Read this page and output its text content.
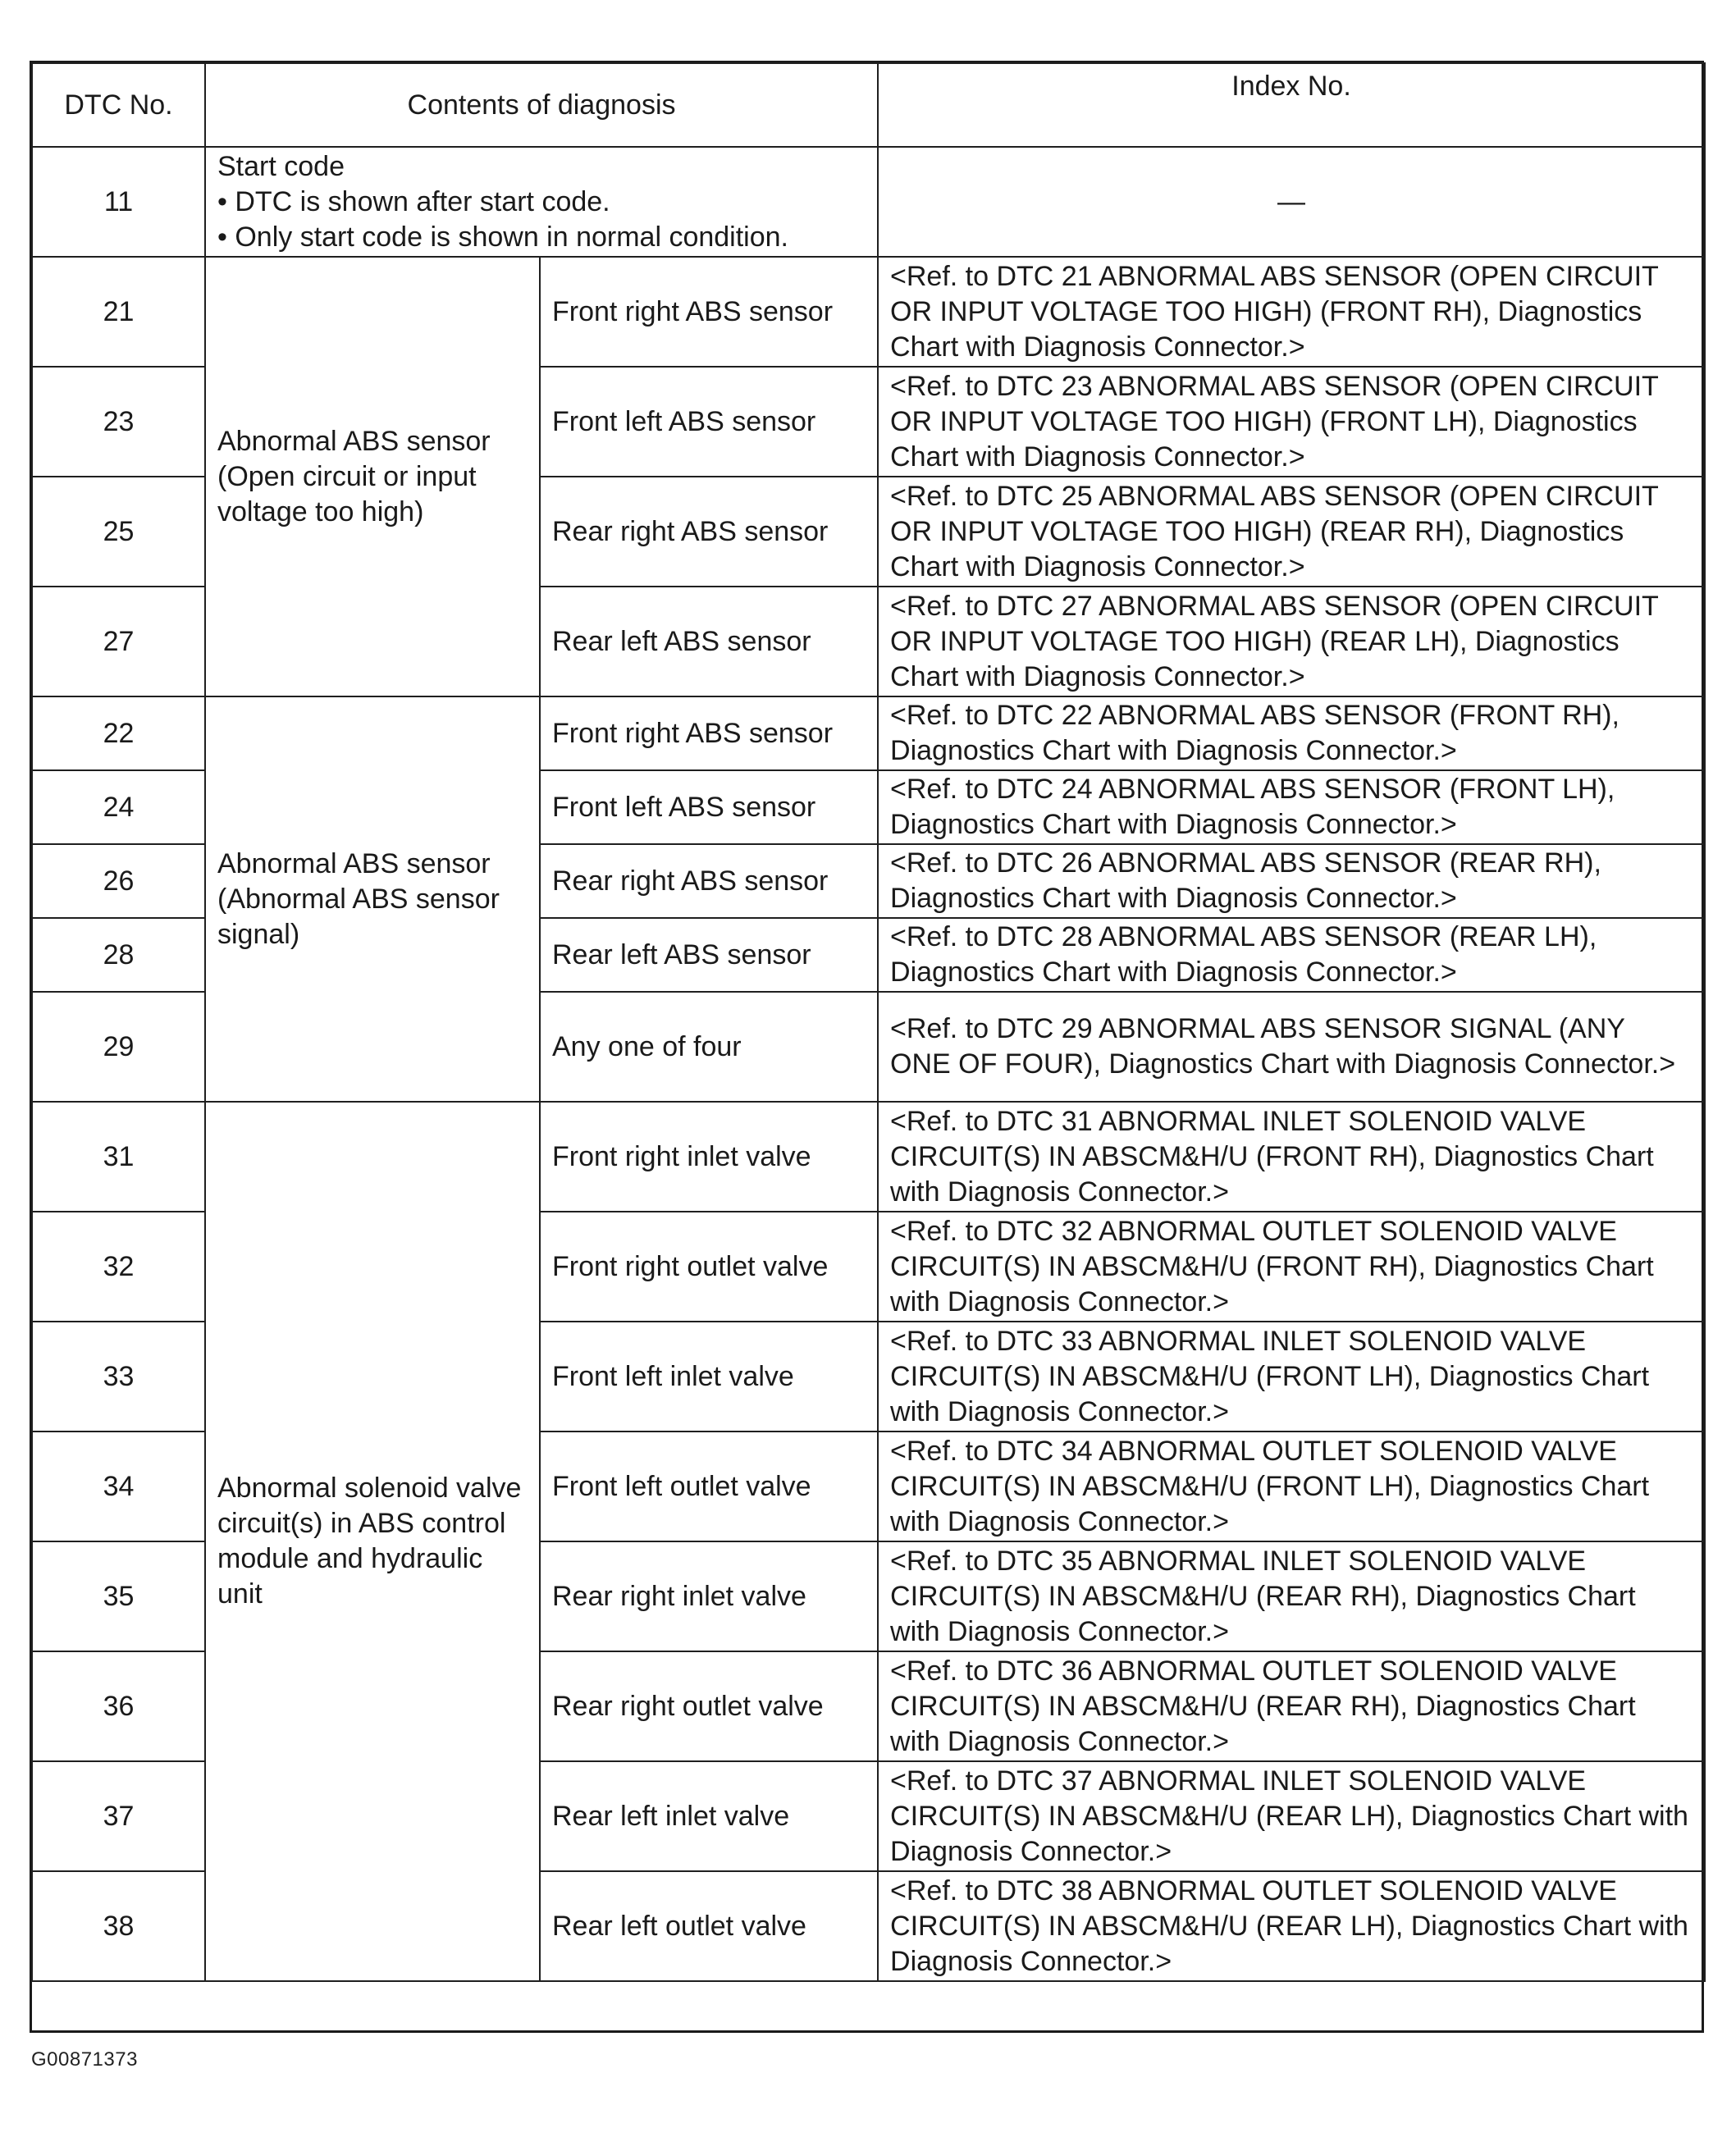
DTC No.	Contents of diagnosis		Index No.
11	Start code
• DTC is shown after start code.
• Only start code is shown in normal condition.		—
21	Abnormal ABS sensor (Open circuit or input voltage too high)	Front right ABS sensor	<Ref. to DTC 21 ABNORMAL ABS SENSOR (OPEN CIRCUIT OR INPUT VOLTAGE TOO HIGH) (FRONT RH), Diagnostics Chart with Diagnosis Connector.>
23		Front left ABS sensor	<Ref. to DTC 23 ABNORMAL ABS SENSOR (OPEN CIRCUIT OR INPUT VOLTAGE TOO HIGH) (FRONT LH), Diagnostics Chart with Diagnosis Connector.>
25		Rear right ABS sensor	<Ref. to DTC 25 ABNORMAL ABS SENSOR (OPEN CIRCUIT OR INPUT VOLTAGE TOO HIGH) (REAR RH), Diagnostics Chart with Diagnosis Connector.>
27		Rear left ABS sensor	<Ref. to DTC 27 ABNORMAL ABS SENSOR (OPEN CIRCUIT OR INPUT VOLTAGE TOO HIGH) (REAR LH), Diagnostics Chart with Diagnosis Connector.>
22	Abnormal ABS sensor (Abnormal ABS sensor signal)	Front right ABS sensor	<Ref. to DTC 22 ABNORMAL ABS SENSOR (FRONT RH), Diagnostics Chart with Diagnosis Connector.>
24		Front left ABS sensor	<Ref. to DTC 24 ABNORMAL ABS SENSOR (FRONT LH), Diagnostics Chart with Diagnosis Connector.>
26		Rear right ABS sensor	<Ref. to DTC 26 ABNORMAL ABS SENSOR (REAR RH), Diagnostics Chart with Diagnosis Connector.>
28		Rear left ABS sensor	<Ref. to DTC 28 ABNORMAL ABS SENSOR (REAR LH), Diagnostics Chart with Diagnosis Connector.>
29		Any one of four	<Ref. to DTC 29 ABNORMAL ABS SENSOR SIGNAL (ANY ONE OF FOUR), Diagnostics Chart with Diagnosis Connector.>
31	Abnormal solenoid valve circuit(s) in ABS control module and hydraulic unit	Front right inlet valve	<Ref. to DTC 31 ABNORMAL INLET SOLENOID VALVE CIRCUIT(S) IN ABSCM&H/U (FRONT RH), Diagnostics Chart with Diagnosis Connector.>
32		Front right outlet valve	<Ref. to DTC 32 ABNORMAL OUTLET SOLENOID VALVE CIRCUIT(S) IN ABSCM&H/U (FRONT RH), Diagnostics Chart with Diagnosis Connector.>
33		Front left inlet valve	<Ref. to DTC 33 ABNORMAL INLET SOLENOID VALVE CIRCUIT(S) IN ABSCM&H/U (FRONT LH), Diagnostics Chart with Diagnosis Connector.>
34		Front left outlet valve	<Ref. to DTC 34 ABNORMAL OUTLET SOLENOID VALVE CIRCUIT(S) IN ABSCM&H/U (FRONT LH), Diagnostics Chart with Diagnosis Connector.>
35		Rear right inlet valve	<Ref. to DTC 35 ABNORMAL INLET SOLENOID VALVE CIRCUIT(S) IN ABSCM&H/U (REAR RH), Diagnostics Chart with Diagnosis Connector.>
36		Rear right outlet valve	<Ref. to DTC 36 ABNORMAL OUTLET SOLENOID VALVE CIRCUIT(S) IN ABSCM&H/U (REAR RH), Diagnostics Chart with Diagnosis Connector.>
37		Rear left inlet valve	<Ref. to DTC 37 ABNORMAL INLET SOLENOID VALVE CIRCUIT(S) IN ABSCM&H/U (REAR LH), Diagnostics Chart with Diagnosis Connector.>
38		Rear left outlet valve	<Ref. to DTC 38 ABNORMAL OUTLET SOLENOID VALVE CIRCUIT(S) IN ABSCM&H/U (REAR LH), Diagnostics Chart with Diagnosis Connector.>
G00871373
